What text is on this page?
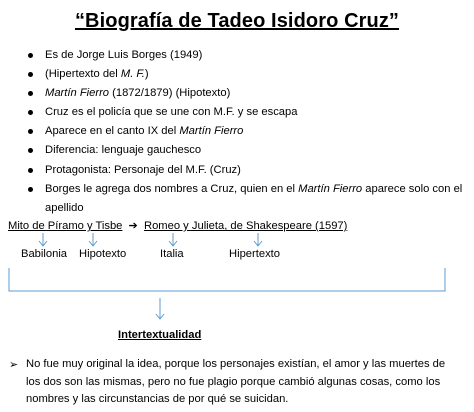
“Biografía de Tadeo Isidoro Cruz”
Es de Jorge Luis Borges (1949)
(Hipertexto del M. F.)
Martín Fierro (1872/1879) (Hipotexto)
Cruz es el policía que se une con M.F. y se escapa
Aparece en el canto IX del Martín Fierro
Diferencia: lenguaje gauchesco
Protagonista: Personaje del M.F. (Cruz)
Borges le agrega dos nombres a Cruz, quien en el Martín Fierro aparece solo con el apellido
Mito de Píramo y Tisbe ➔ Romeo y Julieta, de Shakespeare (1597)
Babilonia Hipotexto	Italia	Hipertexto
Intertextualidad
➢ No fue muy original la idea, porque los personajes existían, el amor y las muertes de los dos son las mismas, pero no fue plagio porque cambió algunas cosas, como los nombres y las circunstancias de por qué se suicidan.
